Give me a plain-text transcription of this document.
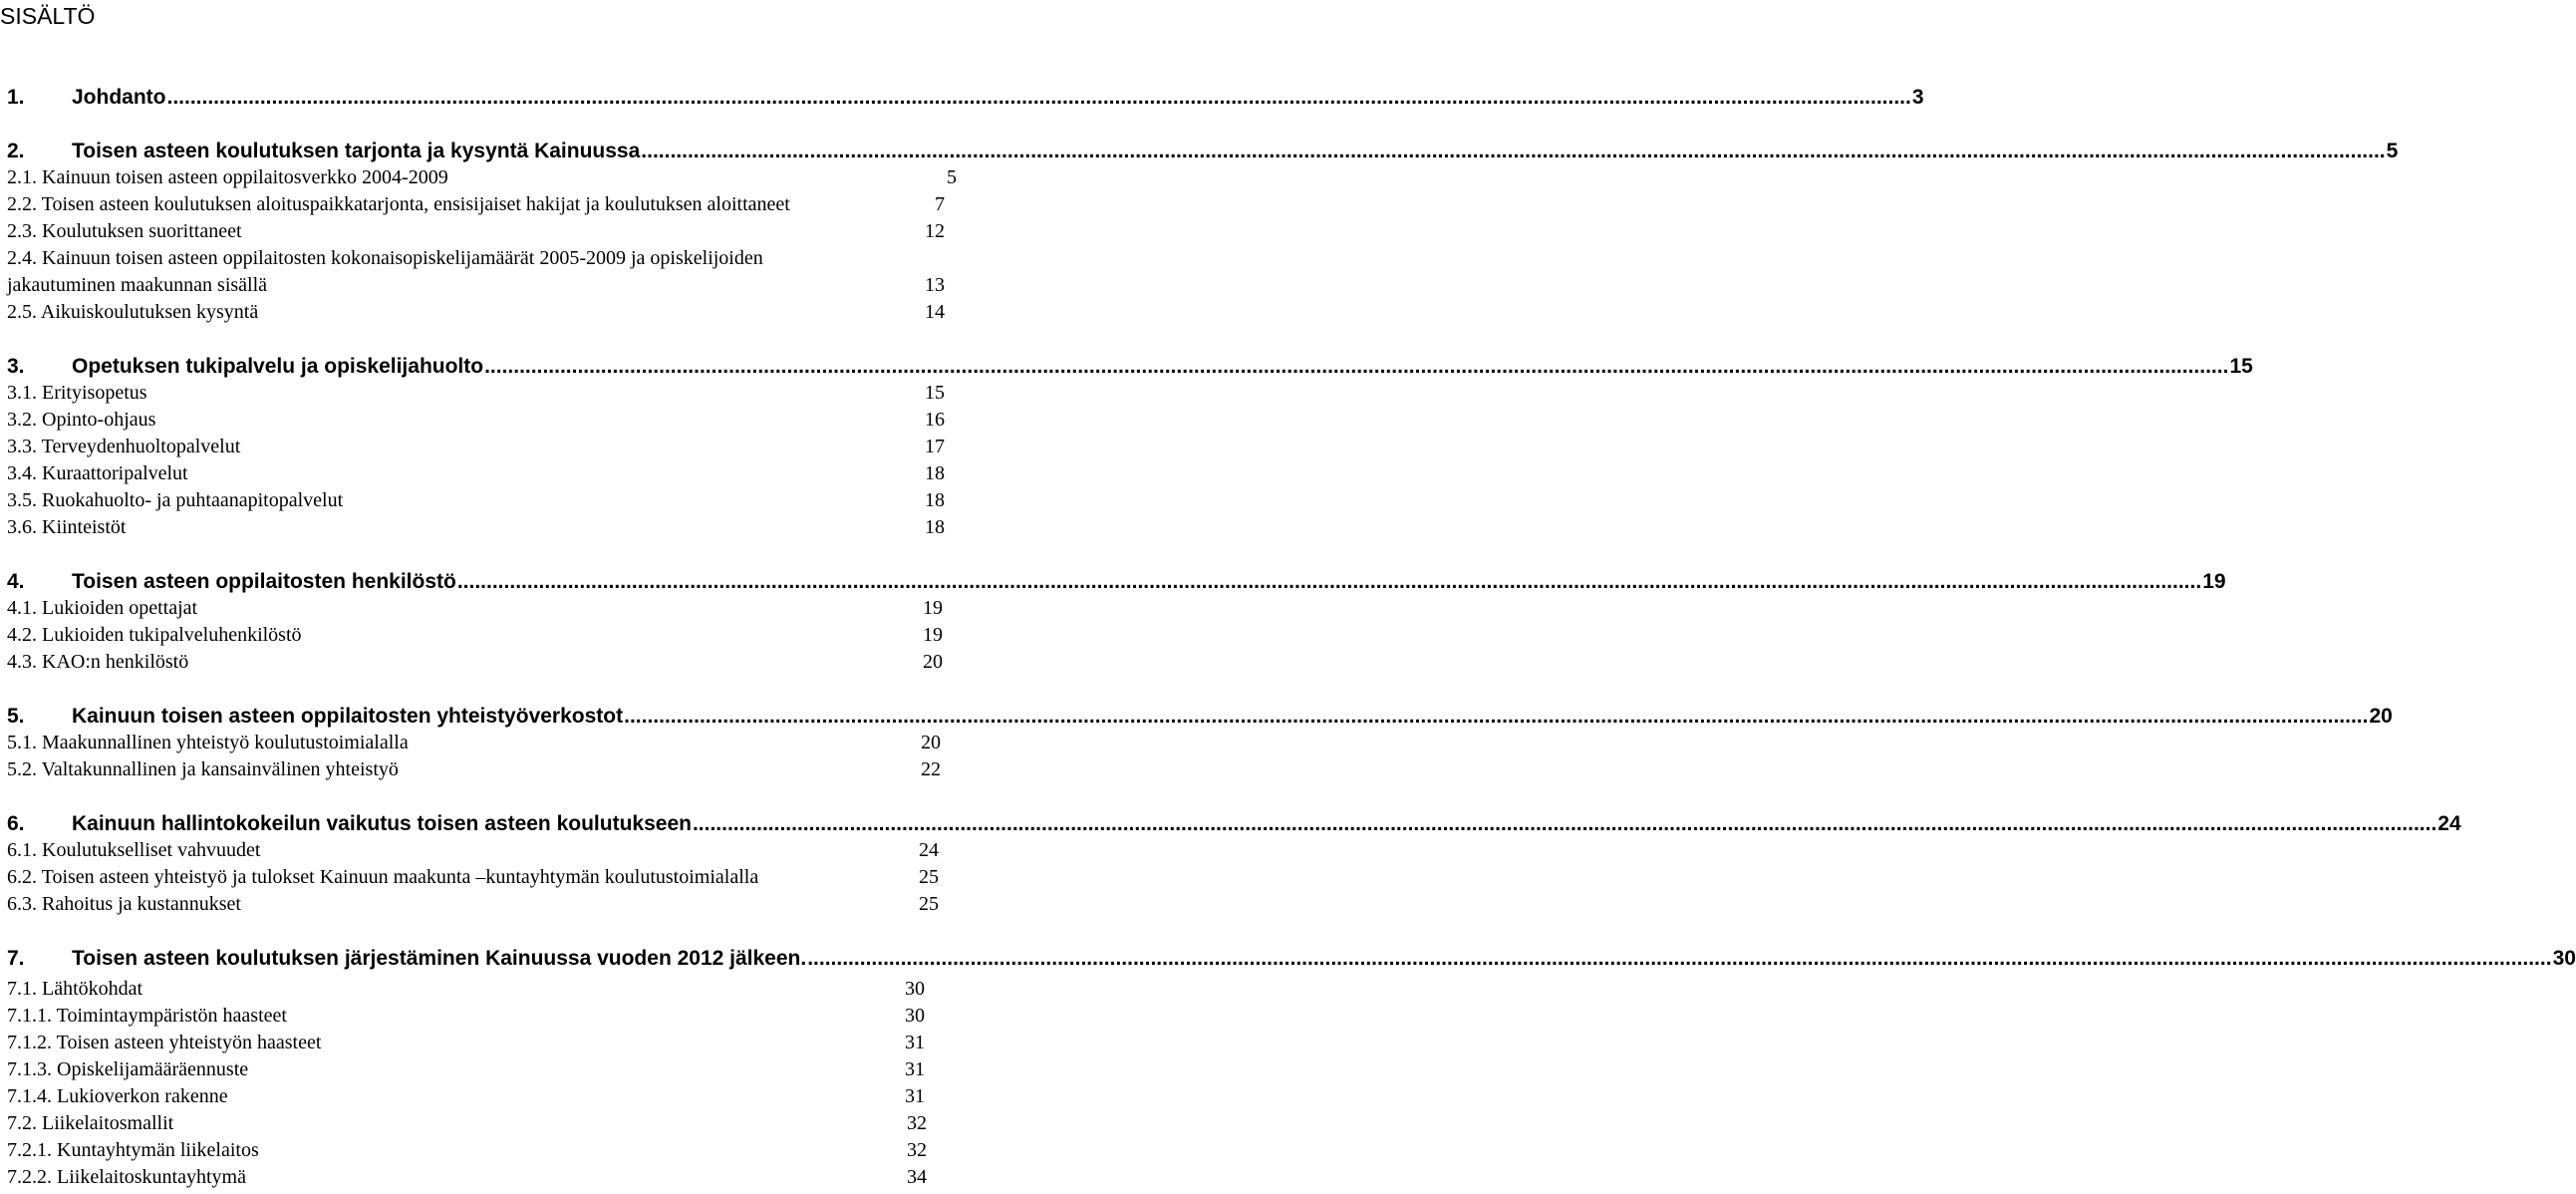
SISÄLTÖ
1.	Johdanto ............................................................................................................................................................................................................................................................................................................ 3
2.	Toisen asteen koulutuksen tarjonta ja kysyntä Kainuussa ............................................................................................................................................................................................................................................................................................................ 5
2.1. Kainuun toisen asteen oppilaitosverkko 2004-2009	5
2.2. Toisen asteen koulutuksen aloituspaikkatarjonta, ensisijaiset hakijat ja koulutuksen aloittaneet	7
2.3. Koulutuksen suorittaneet	12
2.4. Kainuun toisen asteen oppilaitosten kokonaisopiskelijamäärät 2005-2009 ja opiskelijoiden
jakautuminen maakunnan sisällä	13
2.5. Aikuiskoulutuksen kysyntä	14
3.	Opetuksen tukipalvelu ja opiskelijahuolto ............................................................................................................................................................................................................................................................................................................ 15
3.1. Erityisopetus	15
3.2. Opinto-ohjaus	16
3.3. Terveydenhuoltopalvelut	17
3.4. Kuraattoripalvelut	18
3.5. Ruokahuolto- ja puhtaanapitopalvelut	18
3.6. Kiinteistöt	18
4.	Toisen asteen oppilaitosten henkilöstö ............................................................................................................................................................................................................................................................................................................ 19
4.1. Lukioiden opettajat	19
4.2. Lukioiden tukipalveluhenkilöstö	19
4.3. KAO:n henkilöstö	20
5.	Kainuun toisen asteen oppilaitosten yhteistyöverkostot ............................................................................................................................................................................................................................................................................................................ 20
5.1. Maakunnallinen yhteistyö koulutustoimialalla	20
5.2. Valtakunnallinen ja kansainvälinen yhteistyö	22
6.	Kainuun hallintokokeilun vaikutus toisen asteen koulutukseen ............................................................................................................................................................................................................................................................................................................ 24
6.1. Koulutukselliset vahvuudet	24
6.2. Toisen asteen yhteistyö ja tulokset Kainuun maakunta –kuntayhtymän koulutustoimialalla	25
6.3. Rahoitus ja kustannukset	25
7.	Toisen asteen koulutuksen järjestäminen Kainuussa vuoden 2012 jälkeen. ............................................................................................................................................................................................................................................................................................................ 30
7.1. Lähtökohdat	30
7.1.1. Toimintaympäristön haasteet	30
7.1.2. Toisen asteen yhteistyön haasteet	31
7.1.3. Opiskelijamääräennuste	31
7.1.4. Lukioverkon rakenne	31
7.2. Liikelaitosmallit	32
7.2.1. Kuntayhtymän liikelaitos	32
7.2.2. Liikelaitoskuntayhtymä	34
